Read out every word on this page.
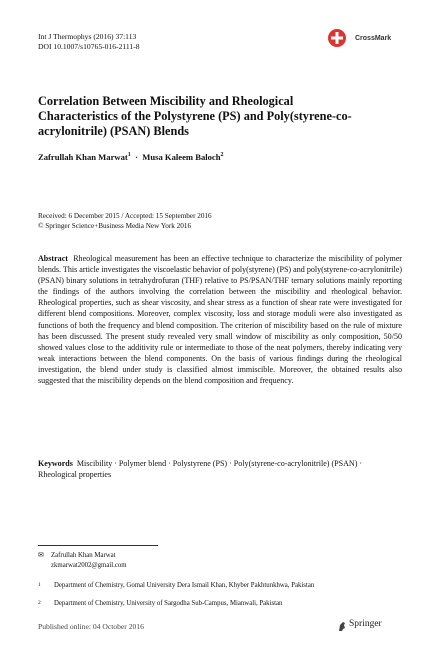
Int J Thermophys (2016) 37:113
DOI 10.1007/s10765-016-2111-8
CrossMark
Correlation Between Miscibility and Rheological Characteristics of the Polystyrene (PS) and Poly(styrene-co-acrylonitrile) (PSAN) Blends
Zafrullah Khan Marwat$^1$ · Musa Kaleem Baloch$^2$
Received: 6 December 2015 / Accepted: 15 September 2016
© Springer Science+Business Media New York 2016
Abstract Rheological measurement has been an effective technique to characterize the miscibility of polymer blends. This article investigates the viscoelastic behavior of poly(styrene) (PS) and poly(styrene-co-acrylonitrile) (PSAN) binary solutions in tetrahydrofuran (THF) relative to PS/PSAN/THF ternary solutions mainly reporting the findings of the authors involving the correlation between the miscibility and rheological behavior. Rheological properties, such as shear viscosity, and shear stress as a function of shear rate were investigated for different blend compositions. Moreover, complex viscosity, loss and storage moduli were also investigated as functions of both the frequency and blend composition. The criterion of miscibility based on the rule of mixture has been discussed. The present study revealed very small window of miscibility as only composition, 50/50 showed values close to the additivity rule or intermediate to those of the neat polymers, thereby indicating very weak interactions between the blend components. On the basis of various findings during the rheological investigation, the blend under study is classified almost immiscible. Moreover, the obtained results also suggested that the miscibility depends on the blend composition and frequency.
Keywords Miscibility · Polymer blend · Polystyrene (PS) · Poly(styrene-co-acrylonitrile) (PSAN) · Rheological properties
✉ Zafrullah Khan Marwat
zkmarwat2002@gmail.com
$^1$ Department of Chemistry, Gomal University Dera Ismail Khan, Khyber Pakhtunkhwa, Pakistan
$^2$ Department of Chemistry, University of Sargodha Sub-Campus, Mianwali, Pakistan
Published online: 04 October 2016	Springer
